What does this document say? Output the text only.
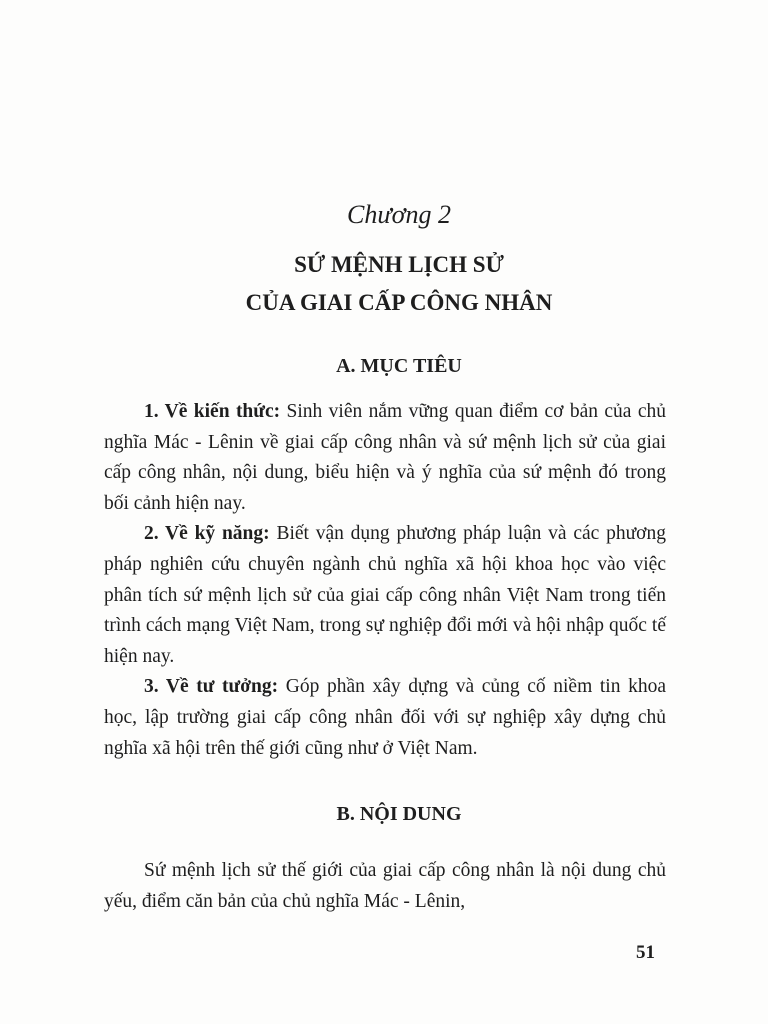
Chương 2
SỨ MỆNH LỊCH SỬ
CỦA GIAI CẤP CÔNG NHÂN
A. MỤC TIÊU

1. Về kiến thức: Sinh viên nắm vững quan điểm cơ bản của chủ nghĩa Mác - Lênin về giai cấp công nhân và sứ mệnh lịch sử của giai cấp công nhân, nội dung, biểu hiện và ý nghĩa của sứ mệnh đó trong bối cảnh hiện nay.

2. Về kỹ năng: Biết vận dụng phương pháp luận và các phương pháp nghiên cứu chuyên ngành chủ nghĩa xã hội khoa học vào việc phân tích sứ mệnh lịch sử của giai cấp công nhân Việt Nam trong tiến trình cách mạng Việt Nam, trong sự nghiệp đổi mới và hội nhập quốc tế hiện nay.

3. Về tư tưởng: Góp phần xây dựng và củng cố niềm tin khoa học, lập trường giai cấp công nhân đối với sự nghiệp xây dựng chủ nghĩa xã hội trên thế giới cũng như ở Việt Nam.

B. NỘI DUNG

Sứ mệnh lịch sử thế giới của giai cấp công nhân là nội dung chủ yếu, điểm căn bản của chủ nghĩa Mác - Lênin,

51
